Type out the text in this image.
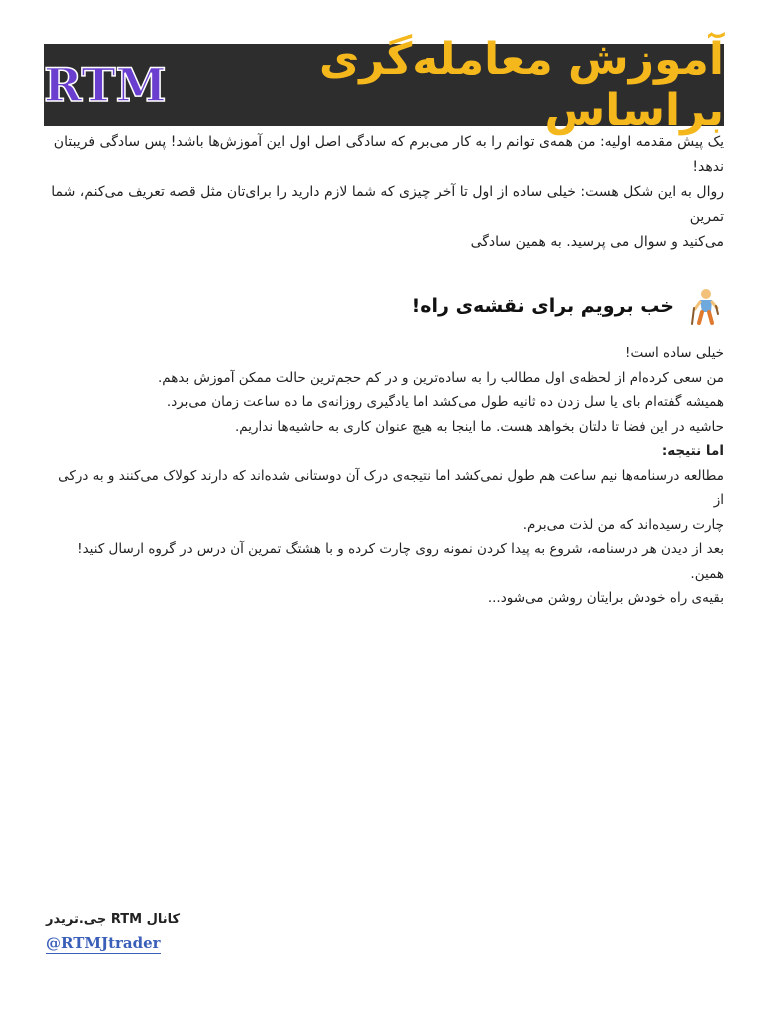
آموزش معامله‌گری براساس
RTM

یک پیش مقدمه اولیه: من همه‌ی توانم را به کار می‌برم که سادگی اصل اول این آموزش‌ها باشد! پس سادگی فریبتان ندهد!

روال به این شکل هست: خیلی ساده از اول تا آخر چیزی که شما لازم دارید را برای‌تان مثل قصه تعریف می‌کنم، شما تمرین

می‌کنید و سوال می پرسید. به همین سادگی

خب برویم برای نقشه‌ی راه!

خیلی ساده است!

من سعی کرده‌ام از لحظه‌ی اول مطالب را به ساده‌ترین و در کم حجم‌ترین حالت ممکن آموزش بدهم.

همیشه گفته‌ام بای یا سل زدن ده ثانیه طول می‌کشد اما یادگیری روزانه‌ی ما ده ساعت زمان می‌برد.

حاشیه در این فضا تا دلتان بخواهد هست. ما اینجا به هیچ عنوان کاری به حاشیه‌ها نداریم.

اما نتیجه:

مطالعه درسنامه‌ها نیم ساعت هم طول نمی‌کشد اما نتیجه‌ی درک آن دوستانی شده‌اند که دارند کولاک می‌کنند و به درکی از

چارت رسیده‌اند که من لذت می‌برم.

بعد از دیدن هر درسنامه، شروع به پیدا کردن نمونه روی چارت کرده و با هشتگ تمرین آن درس در گروه ارسال کنید! همین.

بقیه‌ی راه خودش برایتان روشن می‌شود...

کانال RTM جی.تریدر
@RTMJtrader
